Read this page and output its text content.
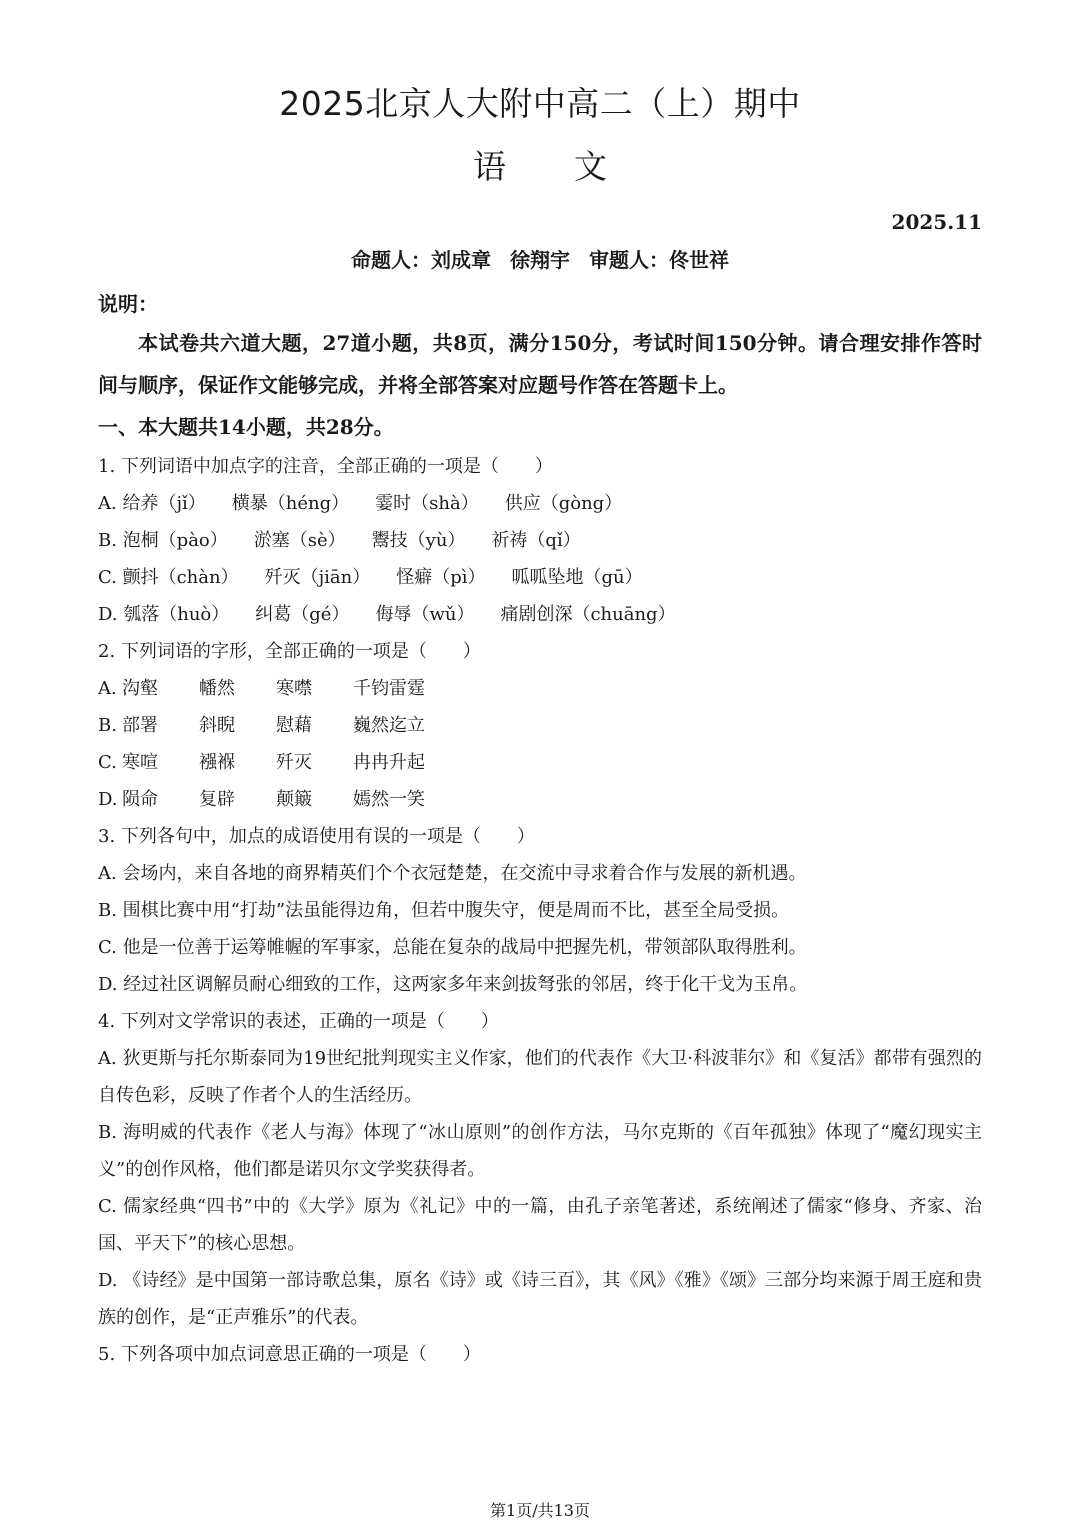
2025北京人大附中高二（上）期中
语 文
2025.11
命题人：刘成章 徐翔宇 审题人：佟世祥

说明：

本试卷共六道大题，27道小题，共8页，满分150分，考试时间150分钟。请合理安排作答时间与顺序，保证作文能够完成，并将全部答案对应题号作答在答题卡上。

一、本大题共14小题，共28分。

1. 下列词语中加点字的注音，全部正确的一项是（　　）

A. 给养（jǐ） 横暴（héng） 霎时（shà） 供应（gòng）

B. 泡桐（pào） 淤塞（sè） 鬻技（yù） 祈祷（qǐ）

C. 颤抖（chàn） 歼灭（jiān） 怪癖（pì） 呱呱坠地（gū）

D. 瓠落（huò） 纠葛（gé） 侮辱（wǔ） 痛剧创深（chuāng）

2. 下列词语的字形，全部正确的一项是（　　）

A. 沟壑	幡然	寒噤	千钧雷霆
B. 部署	斜睨	慰藉	巍然迄立
C. 寒喧	襁褓	歼灭	冉冉升起
D. 陨命	复辟	颠簸	嫣然一笑

3. 下列各句中，加点的成语使用有误的一项是（　　）

A. 会场内，来自各地的商界精英们个个衣冠楚楚，在交流中寻求着合作与发展的新机遇。

B. 围棋比赛中用“打劫”法虽能得边角，但若中腹失守，便是周而不比，甚至全局受损。

C. 他是一位善于运筹帷幄的军事家，总能在复杂的战局中把握先机，带领部队取得胜利。

D. 经过社区调解员耐心细致的工作，这两家多年来剑拔弩张的邻居，终于化干戈为玉帛。

4. 下列对文学常识的表述，正确的一项是（　　）

A. 狄更斯与托尔斯泰同为19世纪批判现实主义作家，他们的代表作《大卫·科波菲尔》和《复活》都带有强烈的自传色彩，反映了作者个人的生活经历。

B. 海明威的代表作《老人与海》体现了“冰山原则”的创作方法，马尔克斯的《百年孤独》体现了“魔幻现实主义”的创作风格，他们都是诺贝尔文学奖获得者。

C. 儒家经典“四书”中的《大学》原为《礼记》中的一篇，由孔子亲笔著述，系统阐述了儒家“修身、齐家、治国、平天下”的核心思想。

D. 《诗经》是中国第一部诗歌总集，原名《诗》或《诗三百》，其《风》《雅》《颂》三部分均来源于周王庭和贵族的创作，是“正声雅乐”的代表。

5. 下列各项中加点词意思正确的一项是（　　）

第1页/共13页
